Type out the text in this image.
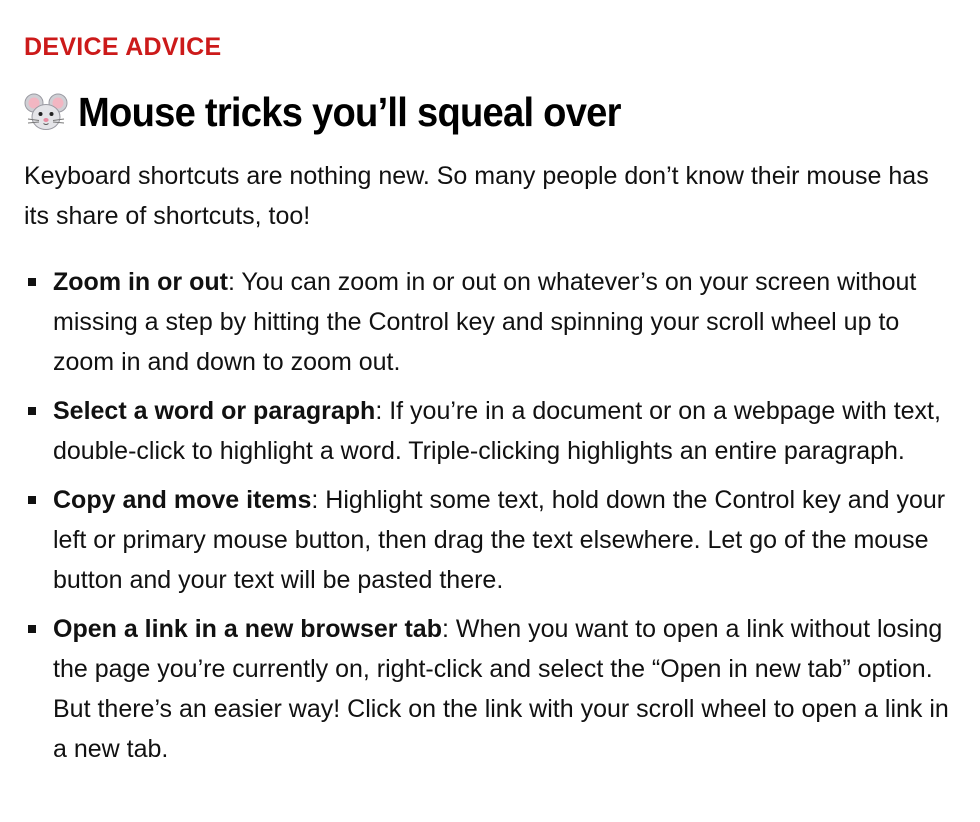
DEVICE ADVICE

Mouse tricks you’ll squeal over

Keyboard shortcuts are nothing new. So many people don’t know their mouse has its share of shortcuts, too!

Zoom in or out: You can zoom in or out on whatever’s on your screen without missing a step by hitting the Control key and spinning your scroll wheel up to zoom in and down to zoom out.
Select a word or paragraph: If you’re in a document or on a webpage with text, double-click to highlight a word. Triple-clicking highlights an entire paragraph.
Copy and move items: Highlight some text, hold down the Control key and your left or primary mouse button, then drag the text elsewhere. Let go of the mouse button and your text will be pasted there.
Open a link in a new browser tab: When you want to open a link without losing the page you’re currently on, right-click and select the “Open in new tab” option. But there’s an easier way! Click on the link with your scroll wheel to open a link in a new tab.
